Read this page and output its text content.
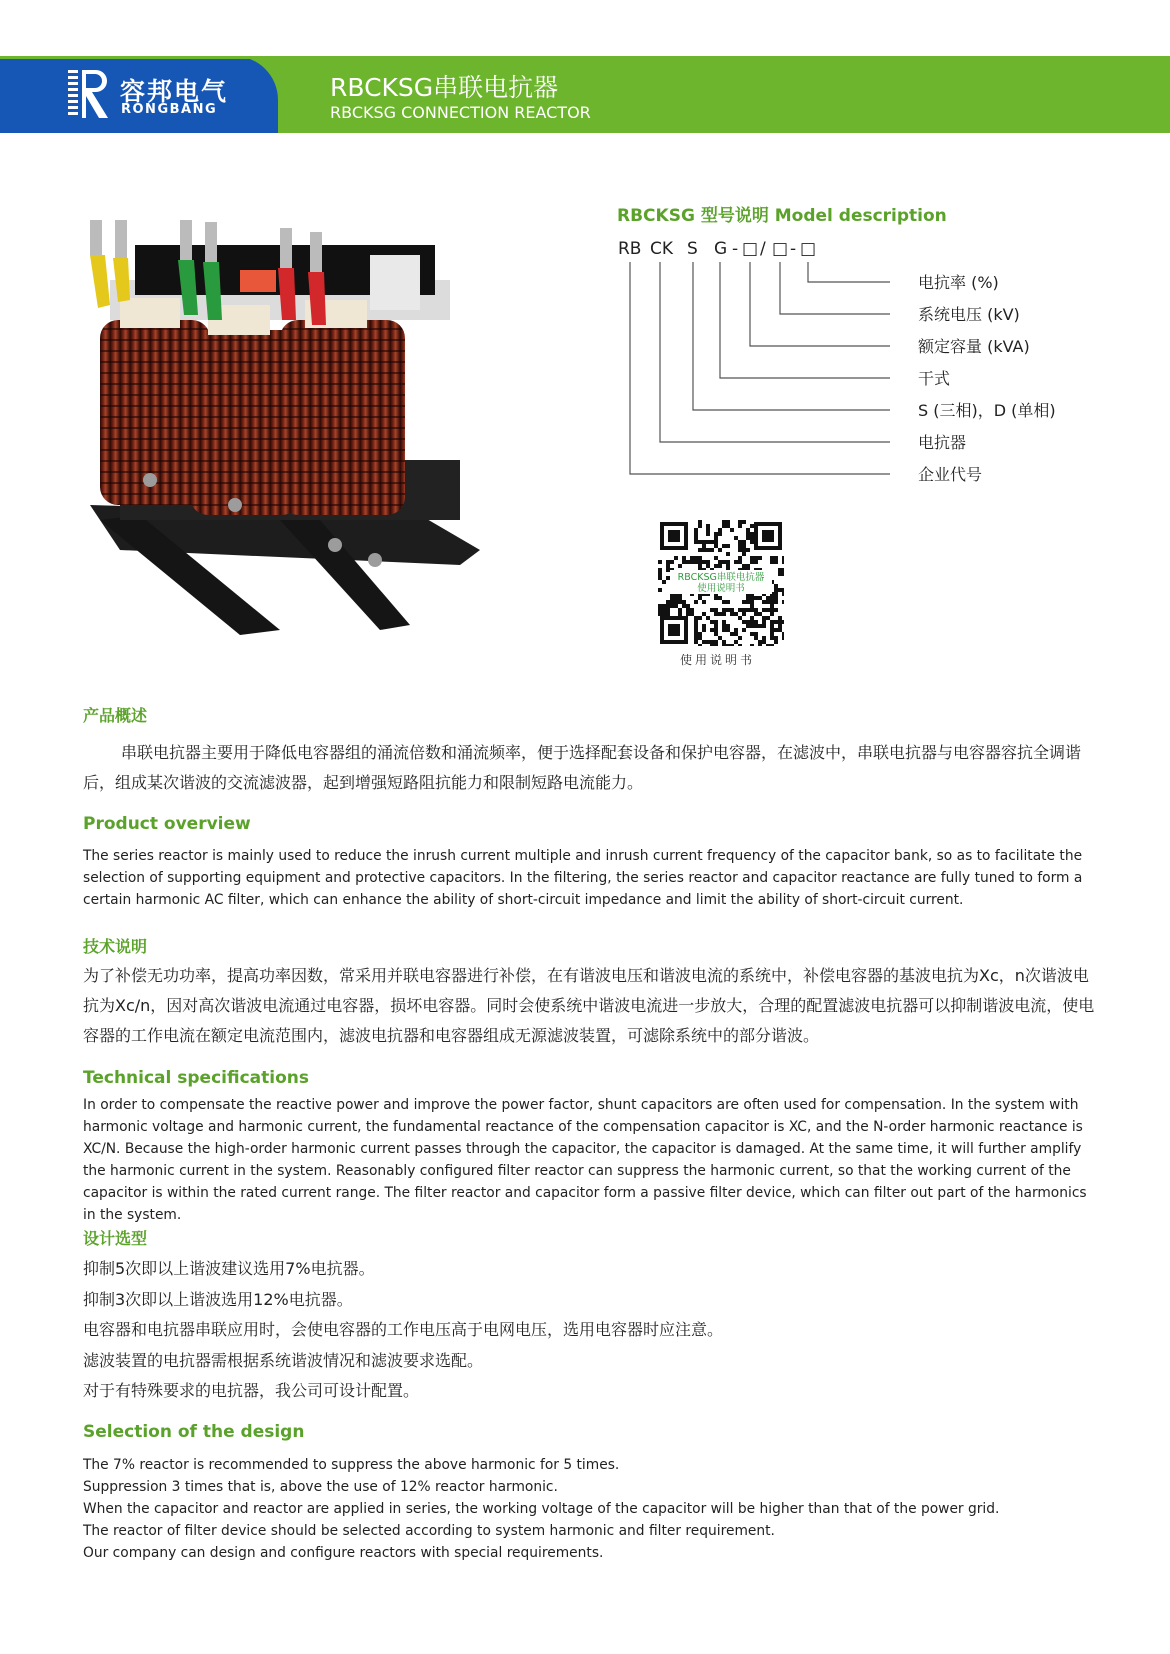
容邦电气
RONGBANG
RBCKSG串联电抗器
RBCKSG CONNECTION REACTOR
RBCKSG 型号说明 Model description
RB CK S G - □ / □ - □
电抗率 (%)
系统电压 (kV)
额定容量 (kVA)
干式
S (三相)，D (单相)
电抗器
企业代号
RBCKSG串联电抗器
使用说明书
使用说明书
产品概述
串联电抗器主要用于降低电容器组的涌流倍数和涌流频率，便于选择配套设备和保护电容器，在滤波中，串联电抗器与电容器容抗全调谐后，组成某次谐波的交流滤波器，起到增强短路阻抗能力和限制短路电流能力。
Product overview
The series reactor is mainly used to reduce the inrush current multiple and inrush current frequency of the capacitor bank, so as to facilitate the selection of supporting equipment and protective capacitors. In the filtering, the series reactor and capacitor reactance are fully tuned to form a certain harmonic AC filter, which can enhance the ability of short-circuit impedance and limit the ability of short-circuit current.
技术说明
为了补偿无功功率，提高功率因数，常采用并联电容器进行补偿，在有谐波电压和谐波电流的系统中，补偿电容器的基波电抗为Xc，n次谐波电抗为Xc/n，因对高次谐波电流通过电容器，损坏电容器。同时会使系统中谐波电流进一步放大，合理的配置滤波电抗器可以抑制谐波电流，使电容器的工作电流在额定电流范围内，滤波电抗器和电容器组成无源滤波装置，可滤除系统中的部分谐波。
Technical specifications
In order to compensate the reactive power and improve the power factor, shunt capacitors are often used for compensation. In the system with harmonic voltage and harmonic current, the fundamental reactance of the compensation capacitor is XC, and the N-order harmonic reactance is XC/N. Because the high-order harmonic current passes through the capacitor, the capacitor is damaged. At the same time, it will further amplify the harmonic current in the system. Reasonably configured filter reactor can suppress the harmonic current, so that the working current of the capacitor is within the rated current range. The filter reactor and capacitor form a passive filter device, which can filter out part of the harmonics in the system.
设计选型
抑制5次即以上谐波建议选用7%电抗器。
抑制3次即以上谐波选用12%电抗器。
电容器和电抗器串联应用时，会使电容器的工作电压高于电网电压，选用电容器时应注意。
滤波装置的电抗器需根据系统谐波情况和滤波要求选配。
对于有特殊要求的电抗器，我公司可设计配置。
Selection of the design
The 7% reactor is recommended to suppress the above harmonic for 5 times.
Suppression 3 times that is, above the use of 12% reactor harmonic.
When the capacitor and reactor are applied in series, the working voltage of the capacitor will be higher than that of the power grid.
The reactor of filter device should be selected according to system harmonic and filter requirement.
Our company can design and configure reactors with special requirements.
